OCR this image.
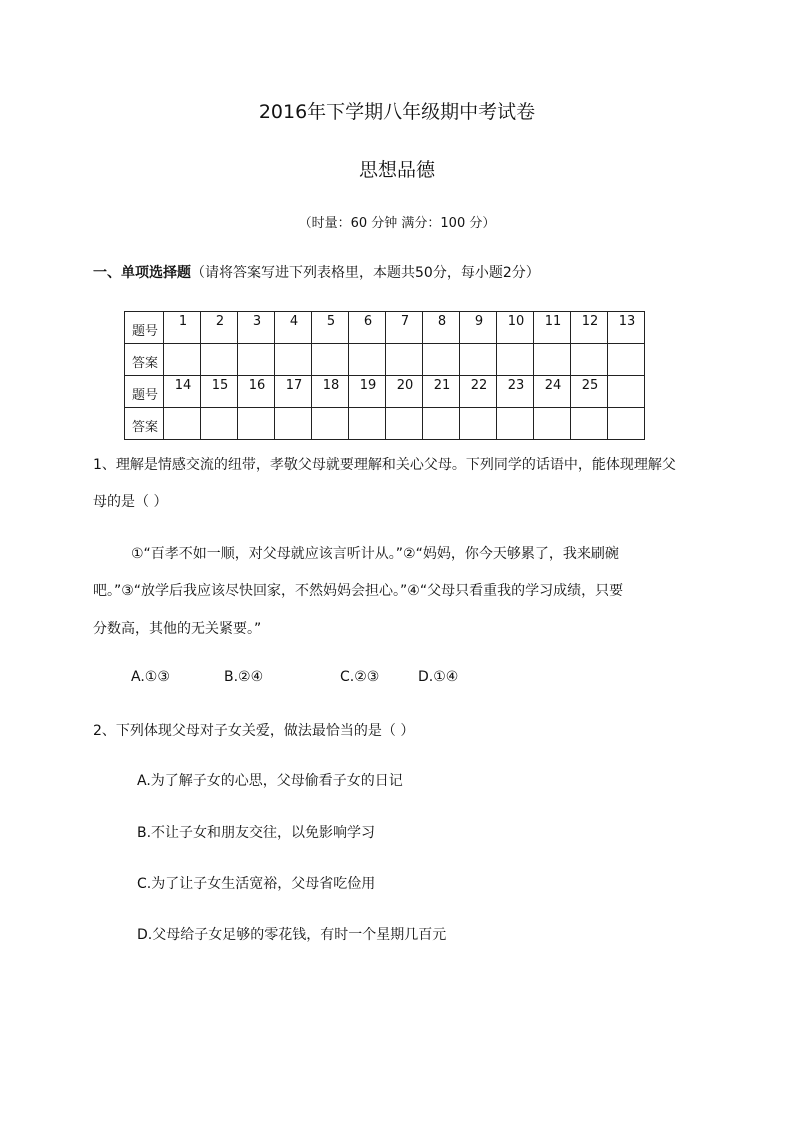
2016年下学期八年级期中考试卷
思想品德
（时量：60 分钟 满分：100 分）
一、单项选择题（请将答案写进下列表格里，本题共50分，每小题2分）
题号	1	2	3	4	5	6	7	8	9	10	11	12	13
答案													
题号	14	15	16	17	18	19	20	21	22	23	24	25	
答案													
1、理解是情感交流的纽带，孝敬父母就要理解和关心父母。下列同学的话语中，能体现理解父
母的是（ ）
①“百孝不如一顺，对父母就应该言听计从。”②“妈妈，你今天够累了，我来刷碗
吧。”③“放学后我应该尽快回家，不然妈妈会担心。”④“父母只看重我的学习成绩，只要
分数高，其他的无关紧要。”
A.①③	B.②④	C.②③	D.①④
2、下列体现父母对子女关爱，做法最恰当的是（ ）
A.为了解子女的心思，父母偷看子女的日记
B.不让子女和朋友交往，以免影响学习
C.为了让子女生活宽裕，父母省吃俭用
D.父母给子女足够的零花钱，有时一个星期几百元
